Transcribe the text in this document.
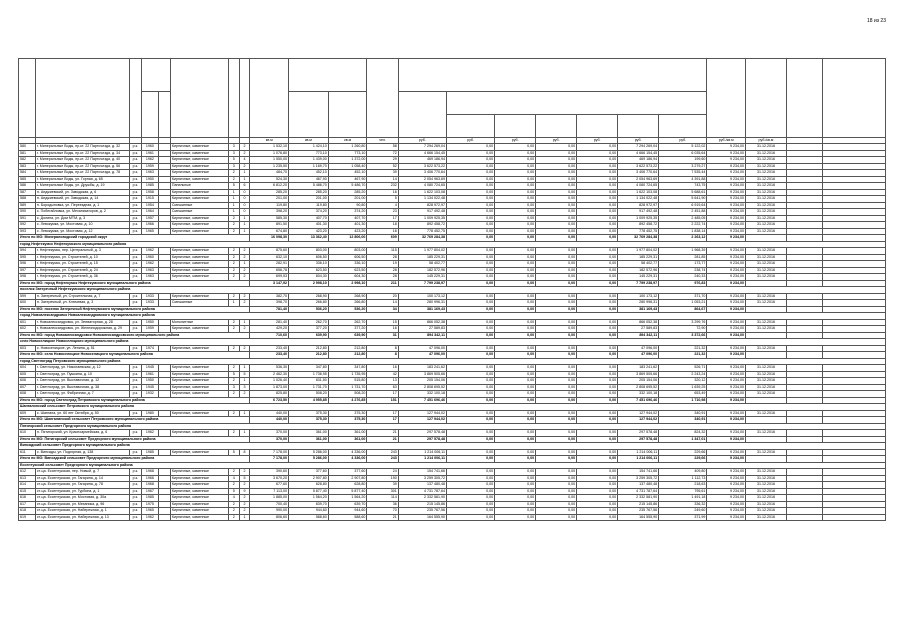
18 из 23

								кв.м	кв.м	кв.м	чел.	руб.	руб.	руб.	руб.	руб.	руб.	руб.	руб./кв.м	руб./кв.м		
580	г. Минеральные Воды, пр-кт. 22 Партсъезда, д. 32	р.к.	1960		Кирпичные, каменные	3	2	1 532,10	1 424,10	1 260,80	58	7 294 269,04	0,00	0,00	0,00	0,00	7 294 269,04	5 122,02	9 234,00	31.12.2016		
581	г. Минеральные Воды, пр-кт. 22 Партсъезда, д. 34	р.к.	1961		Кирпичные, каменные	3	2	1 076,80	773,10	773,10	72	4 666 154,45	0,00	0,00	0,00	0,00	4 666 154,45	6 035,64	9 234,00	31.12.2016		
582	г. Минеральные Воды, пр-кт. 22 Партсъезда, д. 40	р.к.	1962		Кирпичные, каменные	5	4	1 550,00	1 439,00	1 372,00	29	469 186,94	0,00	0,00	0,00	0,00	469 186,94	199,60	9 234,00	31.12.2016		
583	г. Минеральные Воды, пр-кт. 22 Партсъезда, д. 56	р.к.	1959		Кирпичные, каменные	3	2	1 235,50	1 169,70	1 058,40	52	3 622 573,22	0,00	0,00	0,00	0,00	3 622 573,22	3 279,27	9 234,00	31.12.2016		
584	г. Минеральные Воды, пр-кт. 22 Партсъезда, д. 78	р.к.	1963		Кирпичные, каменные	2	1	484,70	452,10	452,10	39	3 406 770,64	0,00	0,00	0,00	0,00	3 406 770,64	7 535,44	9 234,00	31.12.2016		
585	г. Минеральные Воды, ул. Горная, д. 65	р.к.	1950		Кирпичные, каменные	2	1	524,30	467,90	467,90	14	2 054 963,69	0,00	0,00	0,00	0,00	2 054 963,69	4 391,88	9 234,00	31.12.2016		
586	г. Минеральные Воды, ул. Дружбы, д. 19	р.к.	1985		Панельные	5	6	6 812,20	5 486,70	5 486,70	232	4 080 724,65	0,00	0,00	0,00	0,00	4 080 724,65	743,75	9 234,00	31.12.2016		
587	п. Анджиевский, ул. Заводская, д. 6	р.к.	1958		Кирпичные, каменные	1	0	285,20	285,20	285,20	16	1 622 103,08	0,00	0,00	0,00	0,00	1 622 103,08	5 688,61	9 234,00	31.12.2016		
588	п. Анджиевский, ул. Заводская, д. 14	р.к.	1915		Кирпичные, каменные	1	0	201,00	201,00	201,00	5	1 134 022,48	0,00	0,00	0,00	0,00	1 134 022,48	5 641,90	9 234,00	31.12.2016		
589	п. Бородыновка, ул. Переездная, д. 1	р.к.	1954		Смешанные	1	0	119,80	119,80	90,80	4	828 972,97	0,00	0,00	0,00	0,00	828 972,97	6 919,64	9 234,00	31.12.2016		
590	с. Побегайловка, ул. Механизаторов, д. 2	р.к.	1964		Смешанные	1	0	398,20	374,20	374,20	23	917 492,48	0,00	0,00	0,00	0,00	917 492,48	2 451,88	9 234,00	31.12.2016		
591	с. Долина, ул. Дом МТМ, д. 3	р.к.	1957		Кирпичные, каменные	2	1	585,30	407,70	407,70	17	1 009 925,35	0,00	0,00	0,00	0,00	1 009 925,35	2 485,05	9 234,00	31.12.2016		
592	с. Левокумка, ул. Мостовая, д. 10	р.к.	1966		Кирпичные, каменные	2	1	891,50	401,30	401,30	18	892 458,72	0,00	0,00	0,00	0,00	892 458,72	2 222,74	9 234,00	31.12.2016		
593	с. Левокумка, ул. Мостовая, д. 12	р.к.	1965		Кирпичные, каменные	2	1	674,80	423,20	423,20	16	778 452,75	0,00	0,00	0,00	0,00	778 452,75	1 838,14	9 234,00	31.12.2016		
Итого по МО: Минераловодский городской округ								16 098,30	13 362,40	12 806,00	609	32 769 284,38	0,00	0,00	0,00	0,00	32 769 284,38	2 263,12	9 234,00			
город Нефтекумск Нефтекумского муниципального района																						
594	г. Нефтекумск, пер. Центральный, д. 3	р.к.	1962		Кирпичные, каменные	2	2	875,60	803,00	803,00	115	1 977 804,02	0,00	0,00	0,00	0,00	1 977 804,02	1 968,39	9 234,00	31.12.2016		
595	г. Нефтекумск, ул. Строителей, д. 10	р.к.	1960		Кирпичные, каменные	2	2	632,10	606,50	606,50	28	185 229,31	0,00	0,00	0,00	0,00	185 229,31	281,85	9 234,00	31.12.2016		
596	г. Нефтекумск, ул. Строителей, д. 15	р.к.	1962		Кирпичные, каменные	2	1	282,91	336,10	336,10	19	58 402,77	0,00	0,00	0,00	0,00	58 402,77	173,77	9 234,00	31.12.2016		
597	г. Нефтекумск, ул. Строителей, д. 24	р.к.	1963		Кирпичные, каменные	2	2	656,78	623,50	623,50	28	182 572,96	0,00	0,00	0,00	0,00	182 572,96	238,74	9 234,00	31.12.2016		
598	г. Нефтекумск, ул. Строителей, д. 36	р.к.	1963		Кирпичные, каменные	2	2	699,53	604,30	604,30	28	145 229,31	0,00	0,00	0,00	0,00	145 229,31	240,33	9 234,00	31.12.2016		
Итого по МО: город Нефтекумск Нефтекумского муниципального района								3 147,92	2 998,10	2 998,10	211	7 799 238,97	0,00	0,00	0,00	0,00	7 799 238,97	976,83	9 234,00			
поселок Затеречный Нефтекумского муниципального района																						
599	п. Затеречный, ул. Строительная, д. 7	р.к.	1933		Кирпичные, каменные	2	2	382,70	268,90	268,90	20	100 173,12	0,00	0,00	0,00	0,00	100 173,12	371,70	9 234,00	31.12.2016		
600	п. Затеречный, ул. Ключевая, д. 3	р.к.	1933		Смешанные	1	2	398,70	266,80	266,80	14	280 996,31	0,00	0,00	0,00	0,00	280 996,31	1 053,21	9 234,00	31.12.2016		
Итого по МО: поселок Затеречный Нефтекумского муниципального района								781,40	536,20	536,20	34	381 169,43	0,00	0,00	0,00	0,00	381 169,43	864,67	9 234,00			
город Новоалександровск Новоалександровского муниципального района																						
601	г. Новоалександровск, ул. Элеваторная, д. 28	р.к.	1950		Монолитные	2	1	281,40	262,70	262,70	15	866 052,38	0,00	0,00	0,00	0,00	866 052,38	3 299,76	9 234,00	31.12.2016		
602	г. Новоалександровск, ул. Железнодорожная, д. 29	р.к.	1959		Кирпичные, каменные	2	2	429,20	377,20	377,20	16	27 589,83	0,00	0,00	0,00	0,00	27 589,83	72,90	9 234,00	31.12.2016		
Итого по МО: город Новоалександровск Новоалександровского муниципального района								710,60	639,90	639,90	31	894 342,11	0,00	0,00	0,00	0,00	894 342,11	3 372,66	9 234,00			
село Новоселицкое Новоселицкого муниципального района																						
603	с. Новоселицкое, ул. Ленина, д. 51	р.к.	1974		Кирпичные, каменные	2	2	233,40	212,80	212,80	8	47 096,00	0,00	0,00	0,00	0,00	47 096,00	221,32	9 234,00	31.12.2016		
Итого по МО: село Новоселицкое Новоселицкого муниципального района								233,40	212,80	212,80	8	47 096,00	0,00	0,00	0,00	0,00	47 096,00	221,32	9 234,00			
город Светлоград Петровского муниципального района																						
604	г. Светлоград, ул. Николаевская, д. 12	р.к.	1945		Кирпичные, каменные	2	1	536,30	347,80	347,80	16	183 241,62	0,00	0,00	0,00	0,00	183 241,62	526,71	9 234,00	31.12.2016		
605	г. Светлоград, ул. Пушкина, д. 10	р.к.	1961		Кирпичные, каменные	5	5	2 462,30	1 736,95	1 735,95	42	3 869 505,66	0,00	0,00	0,00	0,00	3 869 505,66	2 243,24	9 234,00	31.12.2016		
606	г. Светлоград, ул. Выставочная, д. 12	р.к.	1950		Кирпичные, каменные	2	1	1 026,40	631,50	515,80	13	205 154,06	0,00	0,00	0,00	0,00	205 154,06	320,12	9 234,00	31.12.2016		
607	г. Светлоград, ул. Выставочная, д. 38	р.к.	1945		Кирпичные, каменные	3	3	1 873,00	1 731,70	1 731,70	63	2 808 695,52	0,00	0,00	0,00	0,00	2 808 695,52	1 639,25	9 234,00	31.12.2016		
608	г. Светлоград, ул. Фабричная, д. 7	р.к.	1932		Кирпичные, каменные	2	2	825,80	508,20	508,20	17	332 100,18	0,00	0,00	0,00	0,00	332 100,18	653,49	9 234,00	31.12.2016		
Итого по МО: город Светлоград Петровского муниципального района								6 723,50	4 955,85	4 276,85	151	7 451 696,46	0,00	0,00	0,00	0,00	7 451 696,46	1 710,98	9 234,00			
Шангалинский сельсовет Петровского муниципального района																						
609	с. Шангала, ул. 60 лет Октября, д. 50	р.к.	1980		Кирпичные, каменные	2	1	440,00	375,30	375,30	17	127 944,02	0,00	0,00	0,00	0,00	127 944,02	340,91	9 234,00	31.12.2016		
Итого по МО: Шангалинский сельсовет Петровского муниципального района								440,00	375,30	375,30	17	127 944,02	0,00	0,00	0,00	0,00	127 944,02	340,91	9 234,00			
Пятигорский сельсовет Предгорного муниципального района																						
610	п. Пятигорский, ул. Красноармейская, д. 6	р.к.	1962		Кирпичные, каменные	2	1	370,00	361,00	361,00	21	297 578,48	0,00	0,00	0,00	0,00	297 578,48	824,32	9 234,00	31.12.2016		
Итого по МО: Пятигорский сельсовет Предгорного муниципального района								370,00	361,00	361,00	21	297 578,48	0,00	0,00	0,00	0,00	297 578,48	1 347,01	9 234,00			
Винсадский сельсовет Предгорного муниципального района																						
611	с. Винсады, ул. Подгорная, д. 138	р.к.	1985		Кирпичные, каменные	5	8	7 178,00	5 286,00	4 336,00	243	1 214 006,11	0,00	0,00	0,00	0,00	1 214 006,11	229,66	9 234,00	31.12.2016		
Итого по МО: Винсадский сельсовет Предгорного муниципального района								7 178,00	5 286,00	4 336,00	243	1 214 006,11	0,00	0,00	0,00	0,00	1 214 006,11	229,66	9 234,00			
Ессентукский сельсовет Предгорного муниципального района																						
612	ст-ца. Ессентукская, пер. Новый, д. 7	р.к.	1968		Кирпичные, каменные	2	2	390,60	377,60	377,60	24	154 741,66	0,00	0,00	0,00	0,00	154 741,66	409,80	9 234,00	31.12.2016		
613	ст-ца. Ессентукская, ул. Гагарина, д. 14	р.к.	1966		Кирпичные, каменные	4	5	3 670,20	2 907,80	2 907,80	190	3 259 305,72	0,00	0,00	0,00	0,00	3 259 305,72	1 112,73	9 234,00	31.12.2016		
614	ст-ца. Ессентукская, ул. Гагарина, д. 78	р.к.	1968		Кирпичные, каменные	2	2	677,60	628,80	628,80	39	137 480,48	0,00	0,00	0,00	0,00	137 480,48	218,63	9 234,00	31.12.2016		
615	ст-ца. Ессентукская, ул. Гурбина, д. 1	р.к.	1967		Кирпичные, каменные	5	9	7 113,00	5 877,40	5 877,40	301	4 731 787,64	0,00	0,00	0,00	0,00	4 731 787,64	795,61	9 234,00	31.12.2016		
616	ст-ца. Ессентукская, ул. Мостовая, д. 30а	р.к.	1985		Кирпичные, каменные	4	2	1 885,00	1 564,20	1 564,20	114	2 332 581,90	0,00	0,00	0,00	0,00	2 332 581,90	1 491,18	9 234,00	31.12.2016		
617	ст-ца. Ессентукская, ул. Механика, д. 96	р.к.	1975		Кирпичные, каменные	2	2	700,40	639,70	639,70	36	215 145,86	0,00	0,00	0,00	0,00	215 145,86	336,32	9 234,00	31.12.2016		
618	ст-ца. Ессентукская, ул. Набережная, д. 1	р.к.	1965		Кирпичные, каменные	2	2	990,00	944,60	944,60	70	235 767,56	0,00	0,00	0,00	0,00	235 767,56	249,60	9 234,00	31.12.2016		
619	ст-ца. Ессентукская, ул. Набережная, д. 13	р.к.	1962		Кирпичные, каменные	2	1	806,60	588,60	588,60	21	164 555,90	0,00	0,00	0,00	0,00	164 555,90	371,99	9 234,00	31.12.2016		
